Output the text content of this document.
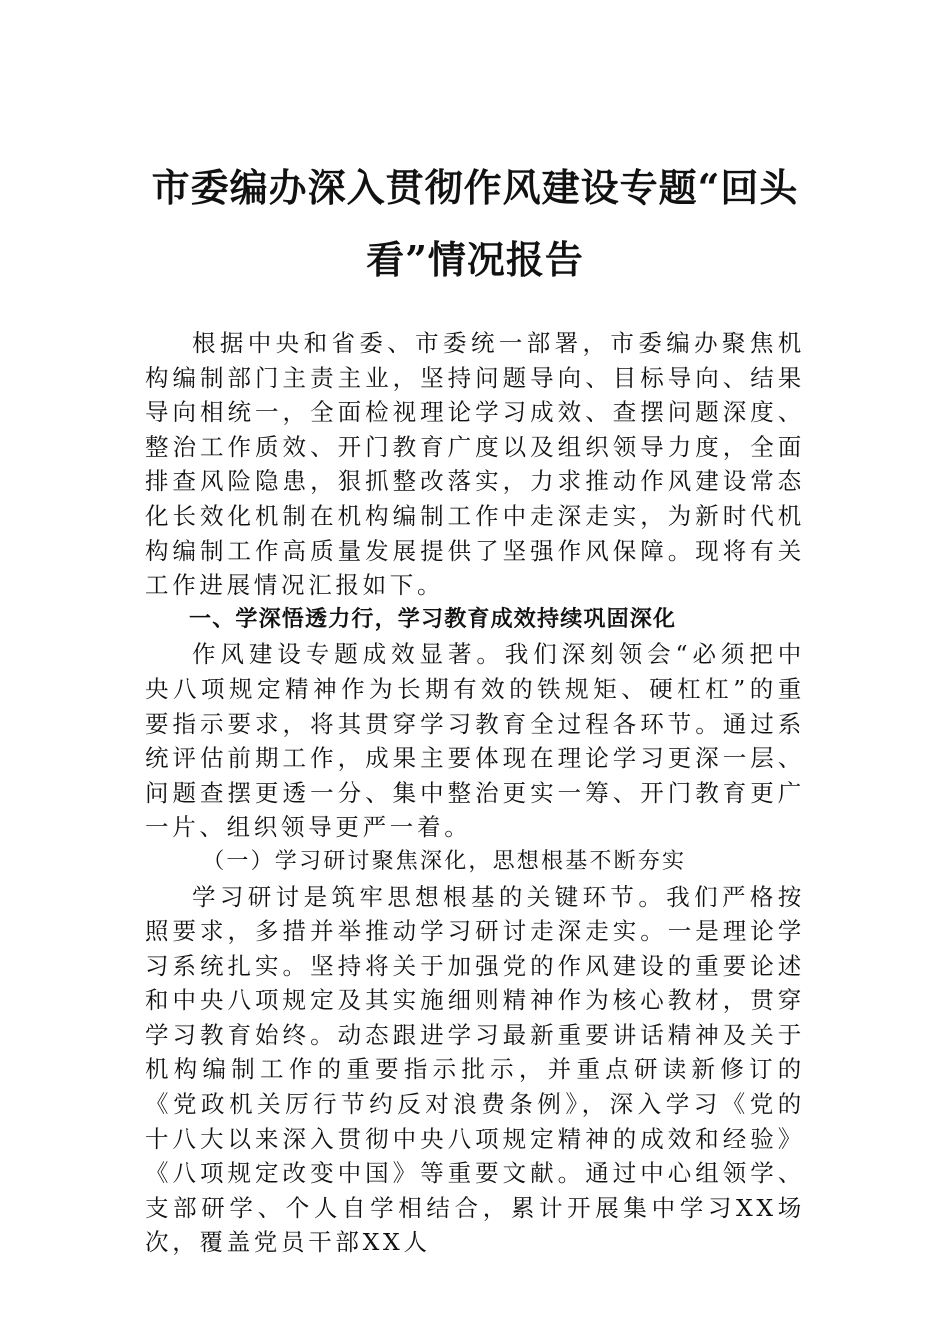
市委编办深入贯彻作风建设专题“回头
看”情况报告

根据中央和省委、市委统一部署，市委编办聚焦机构编制部门主责主业，坚持问题导向、目标导向、结果导向相统一，全面检视理论学习成效、查摆问题深度、整治工作质效、开门教育广度以及组织领导力度，全面排查风险隐患，狠抓整改落实，力求推动作风建设常态化长效化机制在机构编制工作中走深走实，为新时代机构编制工作高质量发展提供了坚强作风保障。现将有关工作进展情况汇报如下。

一、学深悟透力行，学习教育成效持续巩固深化

作风建设专题成效显著。我们深刻领会“必须把中央八项规定精神作为长期有效的铁规矩、硬杠杠”的重要指示要求，将其贯穿学习教育全过程各环节。通过系统评估前期工作，成果主要体现在理论学习更深一层、问题查摆更透一分、集中整治更实一筹、开门教育更广一片、组织领导更严一着。

（一）学习研讨聚焦深化，思想根基不断夯实

学习研讨是筑牢思想根基的关键环节。我们严格按照要求，多措并举推动学习研讨走深走实。一是理论学习系统扎实。坚持将关于加强党的作风建设的重要论述和中央八项规定及其实施细则精神作为核心教材，贯穿学习教育始终。动态跟进学习最新重要讲话精神及关于机构编制工作的重要指示批示，并重点研读新修订的《党政机关厉行节约反对浪费条例》，深入学习《党的十八大以来深入贯彻中央八项规定精神的成效和经验》《八项规定改变中国》等重要文献。通过中心组领学、支部研学、个人自学相结合，累计开展集中学习XX场次，覆盖党员干部XX人
